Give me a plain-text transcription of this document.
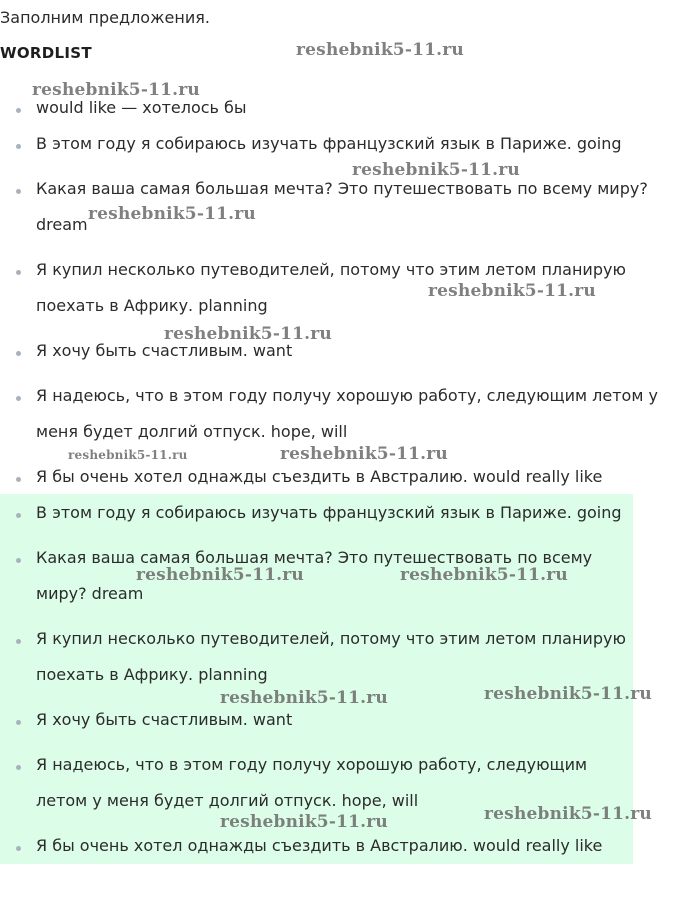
Заполним предложения.
WORDLIST
would like — хотелось бы
В этом году я собираюсь изучать французский язык в Париже. going
Какая ваша самая большая мечта? Это путешествовать по всему миру?
dream
Я купил несколько путеводителей, потому что этим летом планирую
поехать в Африку. planning
Я хочу быть счастливым. want
Я надеюсь, что в этом году получу хорошую работу, следующим летом у
меня будет долгий отпуск. hope, will
Я бы очень хотел однажды съездить в Австралию. would really like
В этом году я собираюсь изучать французский язык в Париже. going
Какая ваша самая большая мечта? Это путешествовать по всему
миру? dream
Я купил несколько путеводителей, потому что этим летом планирую
поехать в Африку. planning
Я хочу быть счастливым. want
Я надеюсь, что в этом году получу хорошую работу, следующим
летом у меня будет долгий отпуск. hope, will
Я бы очень хотел однажды съездить в Австралию. would really like
reshebnik5-11.ru
reshebnik5-11.ru
reshebnik5-11.ru
reshebnik5-11.ru
reshebnik5-11.ru
reshebnik5-11.ru
reshebnik5-11.ru	reshebnik5-11.ru
reshebnik5-11.ru	reshebnik5-11.ru
reshebnik5-11.ru
reshebnik5-11.ru
reshebnik5-11.ru
reshebnik5-11.ru
